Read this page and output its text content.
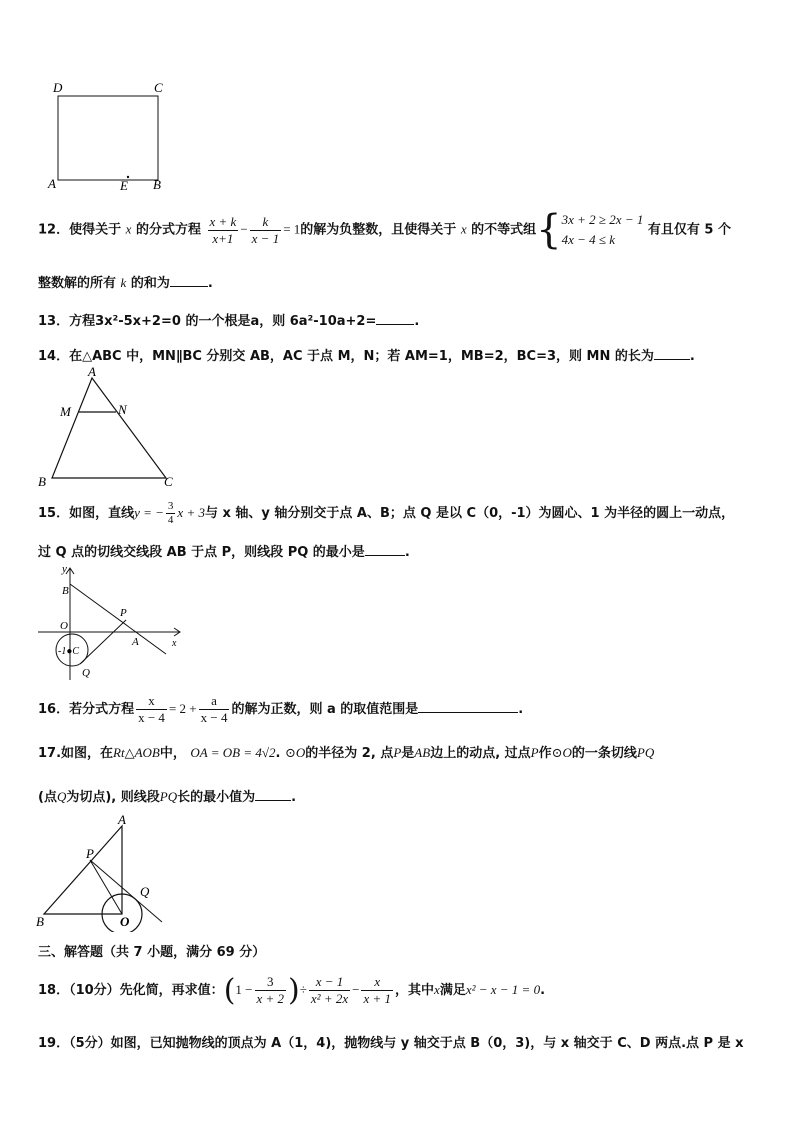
D	C
A	E B
12．使得关于 x 的分式方程 $\frac{x + k}{x+1} - \frac{k}{x - 1} = 1$的解为负整数，且使得关于 x 的不等式组{3x + 2 ≥ 2x − 1
4x − 4 ≤ k 有且仅有 5 个
整数解的所有 k 的和为	.
13．方程3x²-5x+2=0 的一个根是a，则 6a²-10a+2=	.
14．在△ABC 中，MN∥BC 分别交 AB，AC 于点 M，N；若 AM=1，MB=2，BC=3，则 MN 的长为	.
A
M	N
B	C
15．如图，直线y = − $\frac{3}{4}$ x + 3与 x 轴、y 轴分别交于点 A、B；点 Q 是以 C（0，-1）为圆心、1 为半径的圆上一动点，
过 Q 点的切线交线段 AB 于点 P，则线段 PQ 的最小是	.
y
B
P
O
A	x
-1●C
Q
16．若分式方程 $\frac{x}{x - 4} = 2 + \frac{a}{x - 4}$ 的解为正数，则 a 的取值范围是	.
17.如图，在Rt△AOB中， OA = OB = 4√2. ⊙O的半径为 2, 点P是AB边上的动点, 过点P作⊙O的一条切线PQ
(点Q为切点), 则线段PQ长的最小值为	.
A
P
Q
B	O
三、解答题（共 7 小题，满分 69 分）
18．（10分）先化简，再求值：($1 - \frac{3}{x + 2}$ )÷ $\frac{x - 1}{\text{x² + 2x}} - \frac{x}{x + 1}$ ，其中x满足x² − x − 1 = 0.
19．（5分）如图，已知抛物线的顶点为 A（1，4)，抛物线与 y 轴交于点 B（0，3)，与 x 轴交于 C、D 两点.点 P 是 x
